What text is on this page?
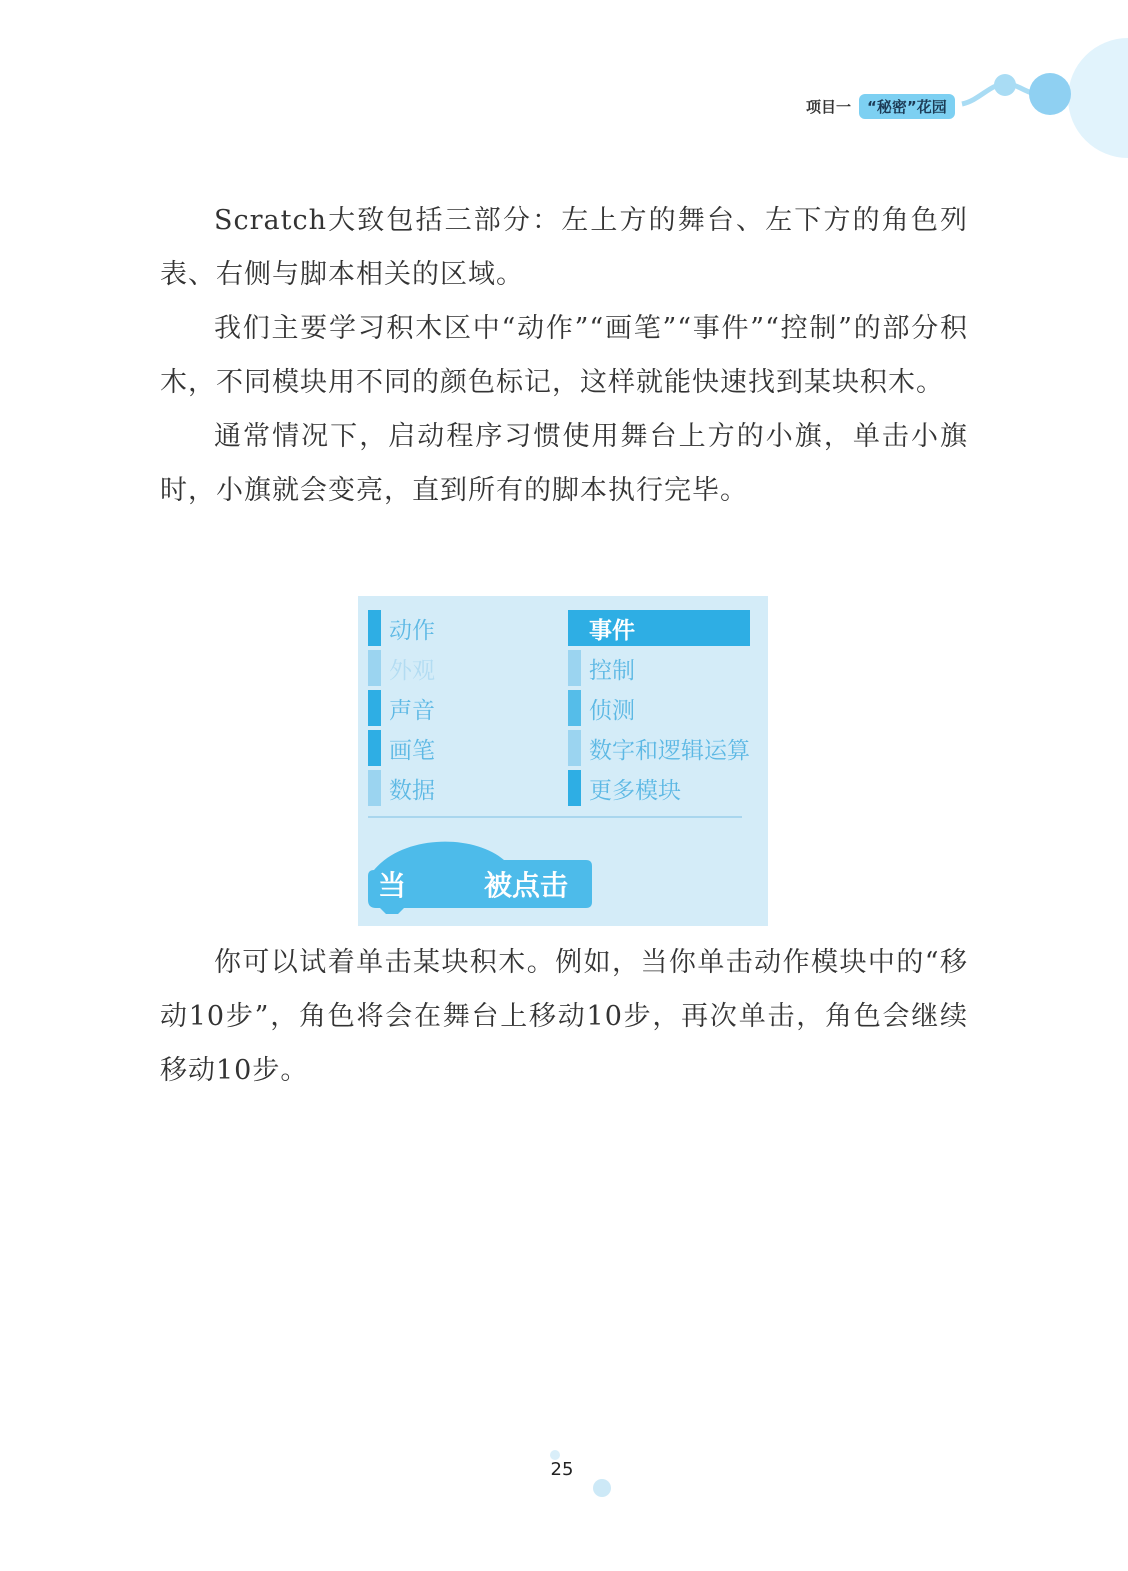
项目一	“秘密”花园

Scratch大致包括三部分：左上方的舞台、左下方的角色列表、右侧与脚本相关的区域。

我们主要学习积木区中“动作”“画笔”“事件”“控制”的部分积木，不同模块用不同的颜色标记，这样就能快速找到某块积木。

通常情况下，启动程序习惯使用舞台上方的小旗，单击小旗时，小旗就会变亮，直到所有的脚本执行完毕。

动作
外观
声音
画笔
数据
事件
控制
侦测
数字和逻辑运算
更多模块
当	被点击

你可以试着单击某块积木。例如，当你单击动作模块中的“移动10步”，角色将会在舞台上移动10步，再次单击，角色会继续移动10步。

25
